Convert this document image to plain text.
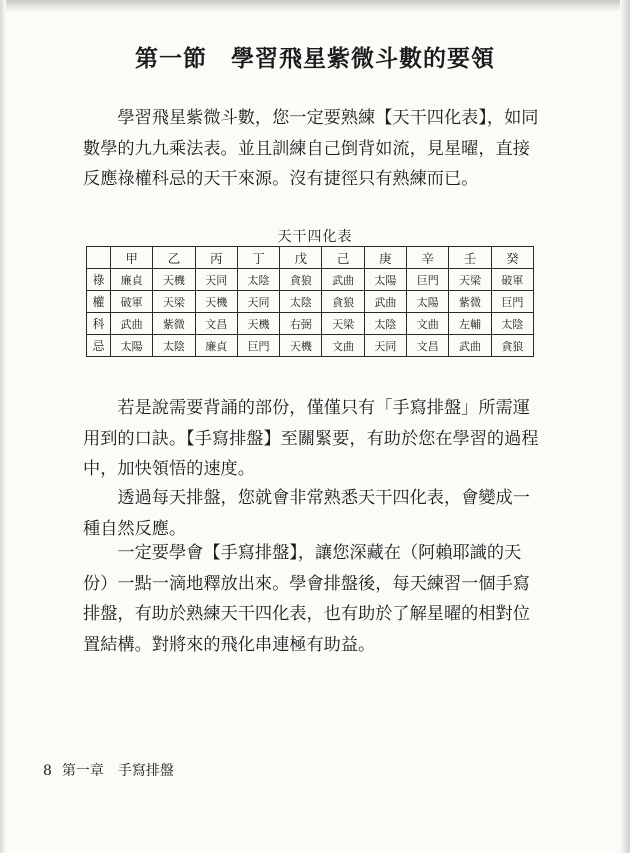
第一節　學習飛星紫微斗數的要領

　　學習飛星紫微斗數，您一定要熟練【天干四化表】，如同數學的九九乘法表。並且訓練自己倒背如流，見星曜，直接反應祿權科忌的天干來源。沒有捷徑只有熟練而已。

天干四化表
	甲	乙	丙	丁	戊	己	庚	辛	壬	癸
祿	廉貞	天機	天同	太陰	貪狼	武曲	太陽	巨門	天梁	破軍
權	破軍	天梁	天機	天同	太陰	貪狼	武曲	太陽	紫微	巨門
科	武曲	紫微	文昌	天機	右弼	天梁	太陰	文曲	左輔	太陰
忌	太陽	太陰	廉貞	巨門	天機	文曲	天同	文昌	武曲	貪狼

　　若是說需要背誦的部份，僅僅只有「手寫排盤」所需運用到的口訣。【手寫排盤】至關緊要，有助於您在學習的過程中，加快領悟的速度。

　　透過每天排盤，您就會非常熟悉天干四化表，會變成一種自然反應。

　　一定要學會【手寫排盤】，讓您深藏在（阿賴耶識的天份）一點一滴地釋放出來。學會排盤後，每天練習一個手寫排盤，有助於熟練天干四化表，也有助於了解星曜的相對位置結構。對將來的飛化串連極有助益。

8 第一章　手寫排盤
